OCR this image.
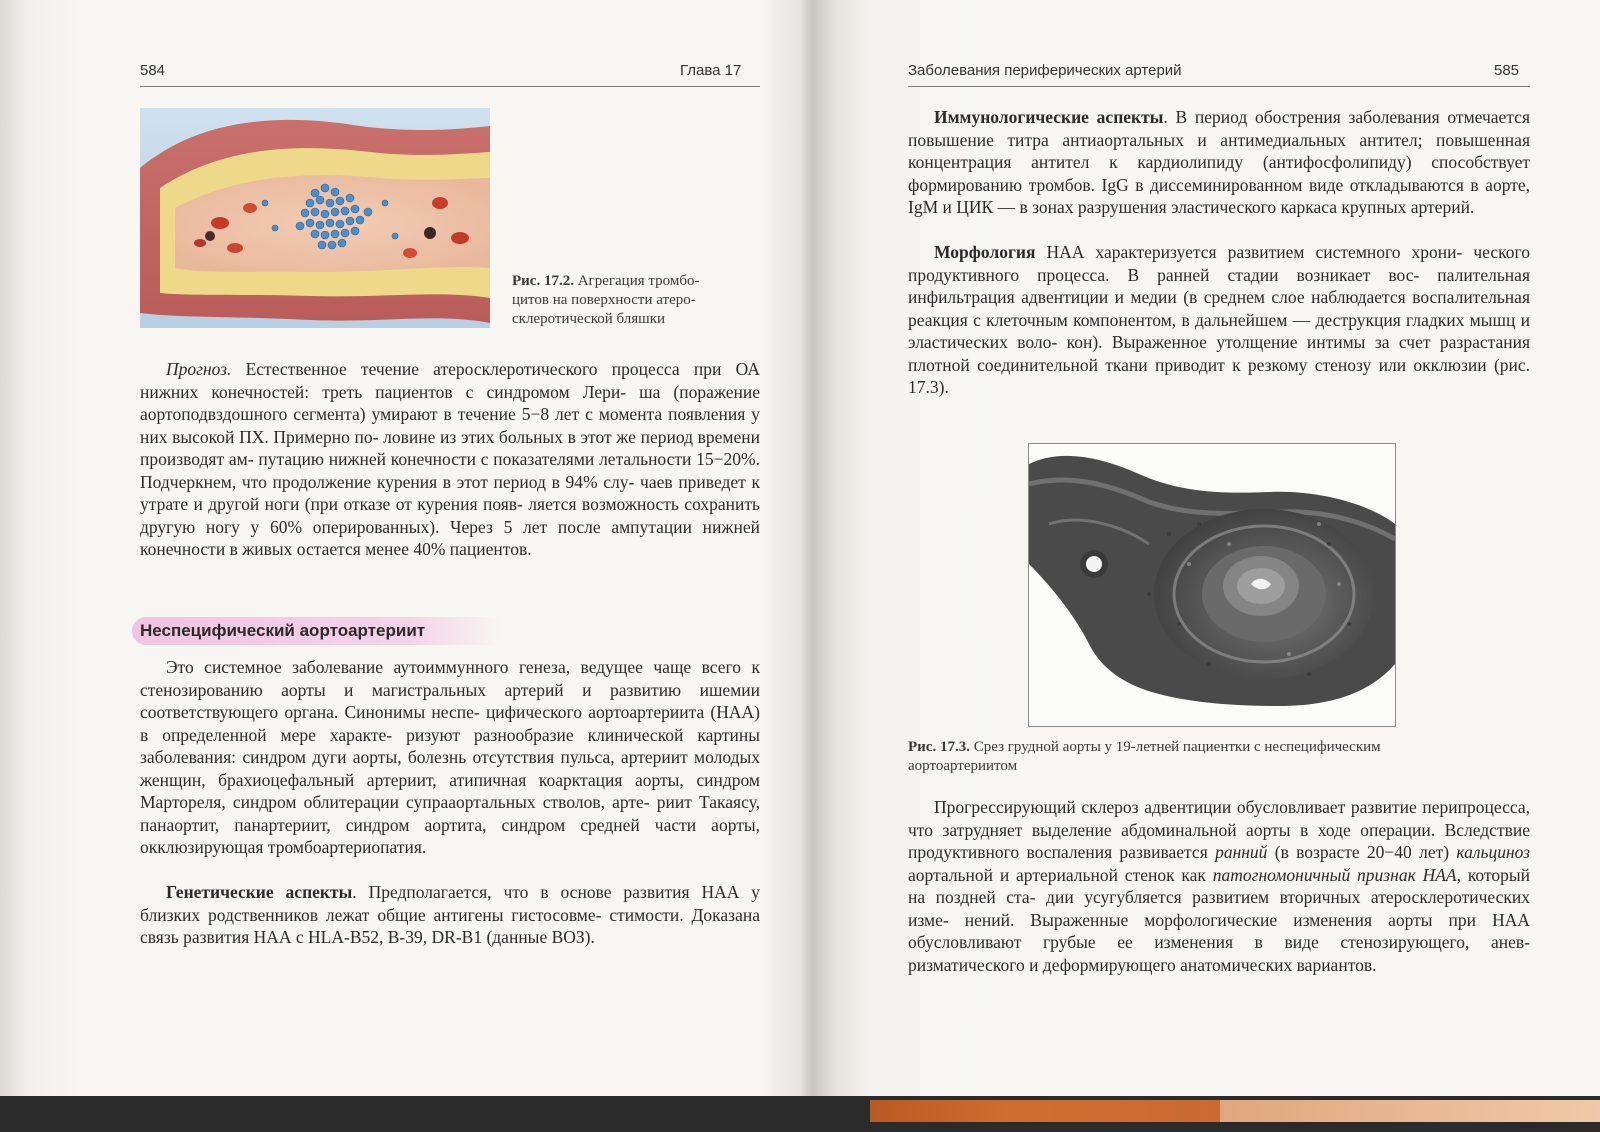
584	Глава 17

Рис. 17.2. Агрегация тромбо-
цитов на поверхности атеро-
склеротической бляшки

Прогноз. Естественное течение атеросклеротического процесса при ОА нижних конечностей: треть пациентов с синдромом Лери- ша (поражение аортоподвздошного сегмента) умирают в течение 5−8 лет с момента появления у них высокой ПХ. Примерно по- ловине из этих больных в этот же период времени производят ам- путацию нижней конечности с показателями летальности 15−20%. Подчеркнем, что продолжение курения в этот период в 94% слу- чаев приведет к утрате и другой ноги (при отказе от курения появ- ляется возможность сохранить другую ногу у 60% оперированных). Через 5 лет после ампутации нижней конечности в живых остается менее 40% пациентов.

Неспецифический аортоартериит

Это системное заболевание аутоиммунного генеза, ведущее чаще всего к стенозированию аорты и магистральных артерий и развитию ишемии соответствующего органа. Синонимы неспе- цифического аортоартериита (НАА) в определенной мере характе- ризуют разнообразие клинической картины заболевания: синдром дуги аорты, болезнь отсутствия пульса, артериит молодых женщин, брахиоцефальный артериит, атипичная коарктация аорты, синдром Мартореля, синдром облитерации супрааортальных стволов, арте- риит Такаясу, панаортит, панартериит, синдром аортита, синдром средней части аорты, окклюзирующая тромбоартериопатия.

Генетические аспекты. Предполагается, что в основе развития НАА у близких родственников лежат общие антигены гистосовме- стимости. Доказана связь развития НАА с HLA-B52, B-39, DR-B1 (данные ВОЗ).

Заболевания периферических артерий	585

Иммунологические аспекты. В период обострения заболевания отмечается повышение титра антиаортальных и антимедиальных антител; повышенная концентрация антител к кардиолипиду (антифосфолипиду) способствует формированию тромбов. IgG в диссеминированном виде откладываются в аорте, IgM и ЦИК — в зонах разрушения эластического каркаса крупных артерий.

Морфология НАА характеризуется развитием системного хрони- ческого продуктивного процесса. В ранней стадии возникает вос- палительная инфильтрация адвентиции и медии (в среднем слое наблюдается воспалительная реакция с клеточным компонентом, в дальнейшем — деструкция гладких мышц и эластических воло- кон). Выраженное утолщение интимы за счет разрастания плотной соединительной ткани приводит к резкому стенозу или окклюзии (рис. 17.3).

Рис. 17.3. Срез грудной аорты у 19-летней пациентки с неспецифическим
аортоартериитом

Прогрессирующий склероз адвентиции обусловливает развитие перипроцесса, что затрудняет выделение абдоминальной аорты в ходе операции. Вследствие продуктивного воспаления развивается ранний (в возрасте 20−40 лет) кальциноз аортальной и артериальной стенок как патогномоничный признак НАА, который на поздней ста- дии усугубляется развитием вторичных атеросклеротических изме- нений. Выраженные морфологические изменения аорты при НАА обусловливают грубые ее изменения в виде стенозирующего, анев- ризматического и деформирующего анатомических вариантов.
